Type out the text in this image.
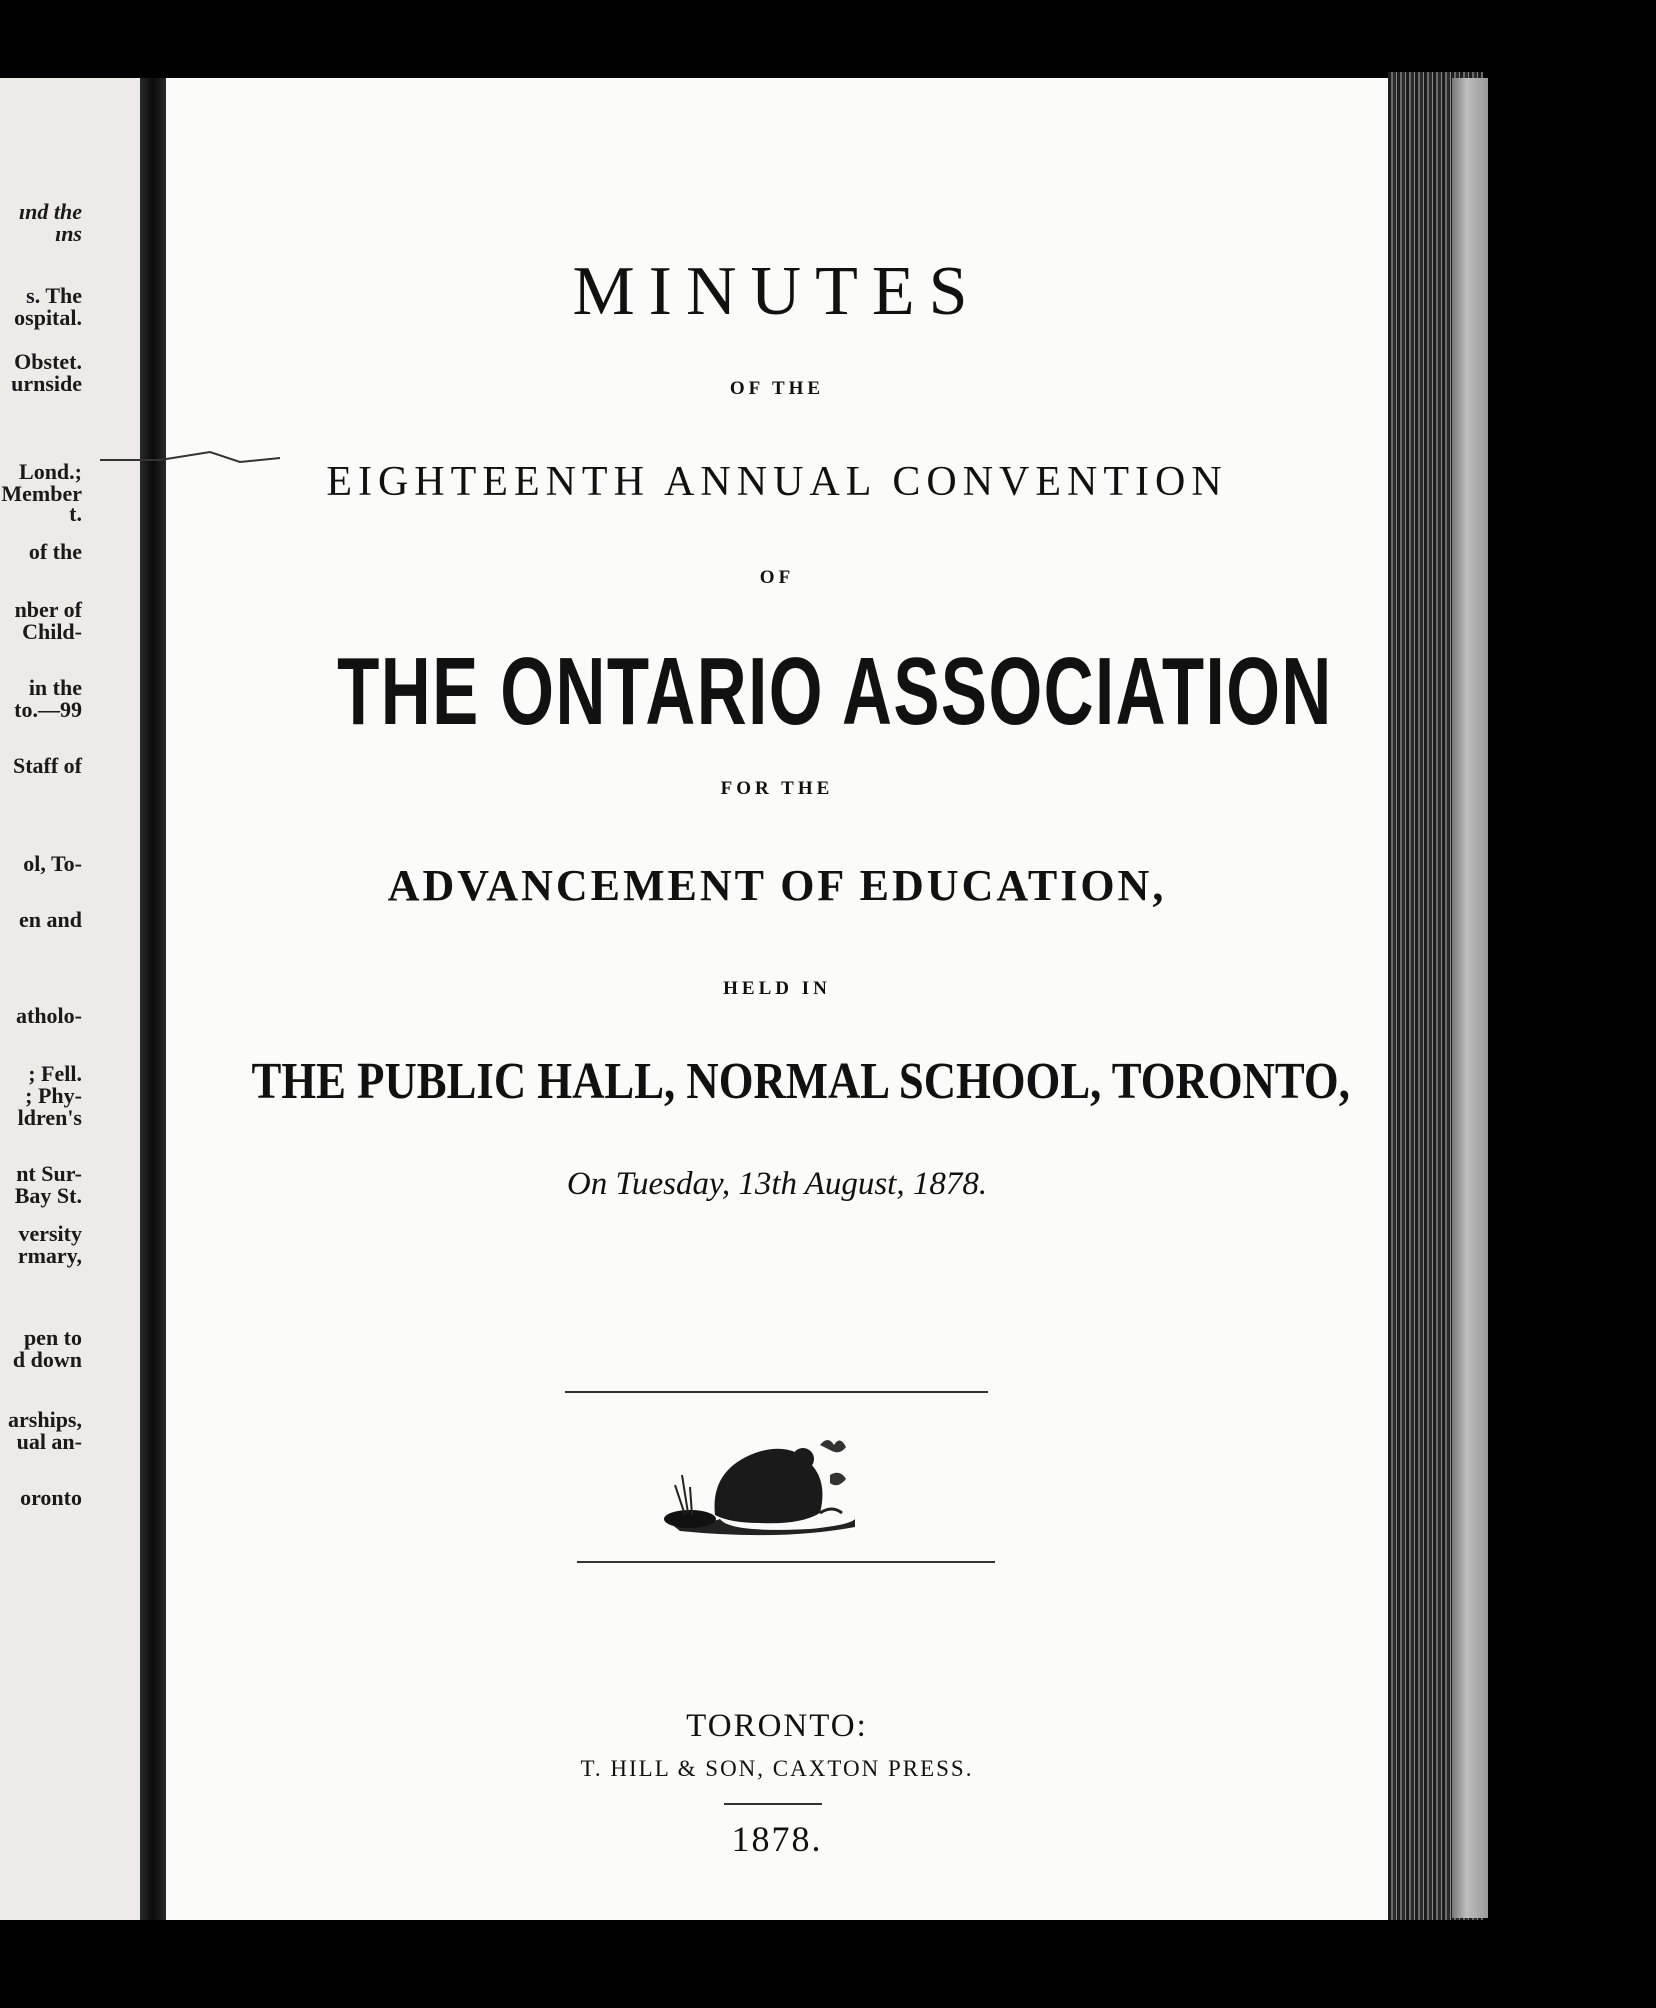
ınd the
ıns
s. The
ospital.
Obstet.
urnside
Lond.;
Member
t.
of the
nber of
Child-
in the
to.—99
Staff of
ol, To-
en and
atholo-
; Fell.
; Phy-
ldren's
nt Sur-
Bay St.
versity
rmary,
pen to
d down
arships,
ual an-
oronto
MINUTES
OF THE
EIGHTEENTH ANNUAL CONVENTION
OF
THE ONTARIO ASSOCIATION
FOR THE
ADVANCEMENT OF EDUCATION,
HELD IN
THE PUBLIC HALL, NORMAL SCHOOL, TORONTO,
On Tuesday, 13th August, 1878.
TORONTO:
T. HILL & SON, CAXTON PRESS.
1878.
